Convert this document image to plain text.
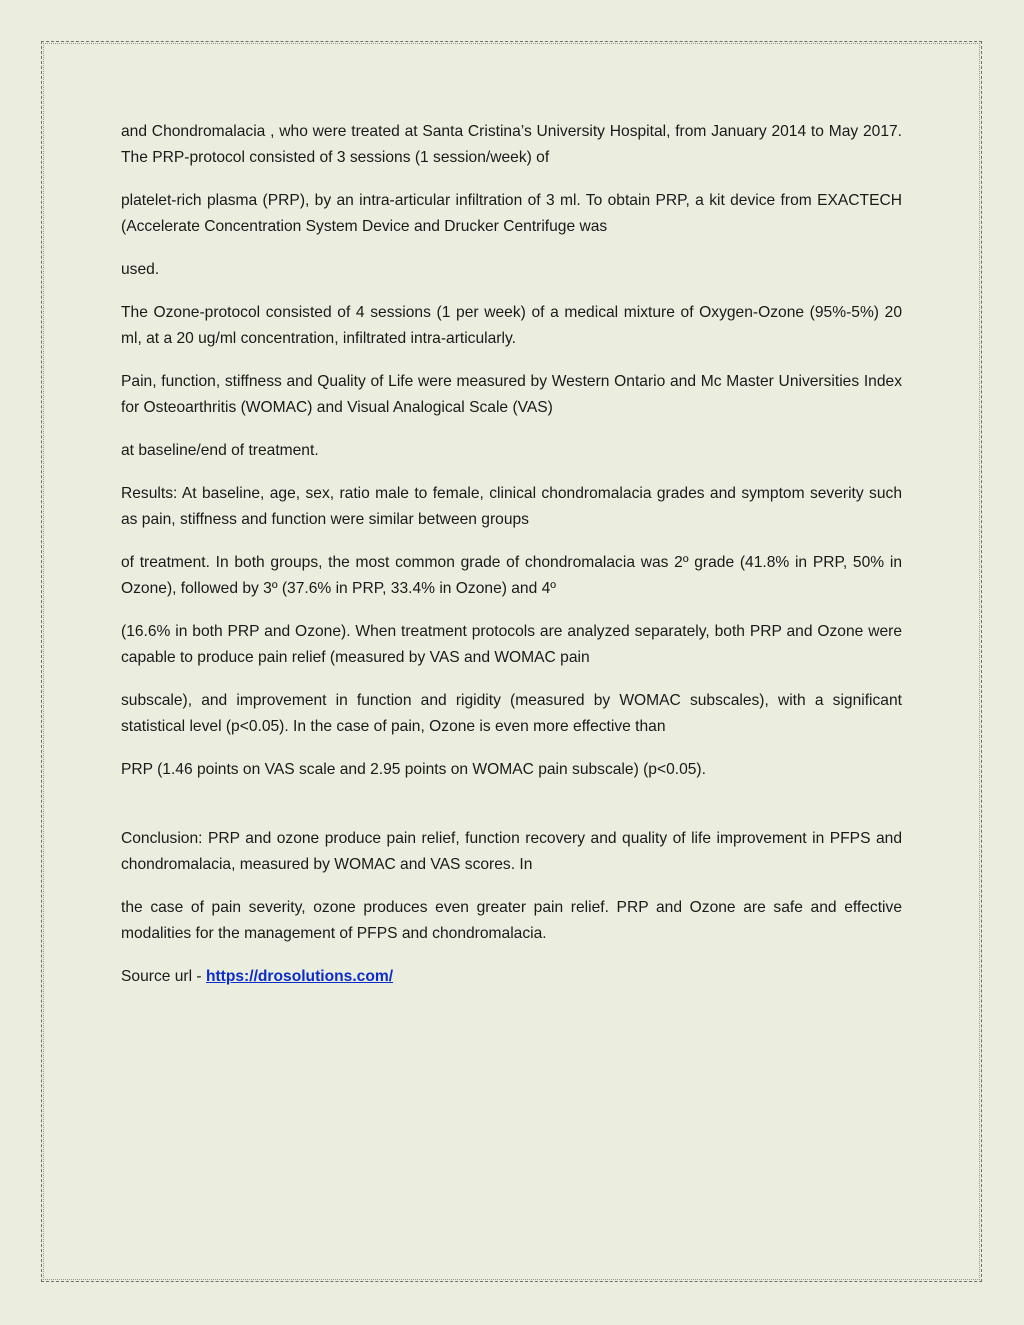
and Chondromalacia , who were treated at Santa Cristina’s University Hospital, from January 2014 to May 2017. The PRP-protocol consisted of 3 sessions (1 session/week) of

platelet-rich plasma (PRP), by an intra-articular infiltration of 3 ml. To obtain PRP, a kit device from EXACTECH (Accelerate Concentration System Device and Drucker Centrifuge was

used.

The Ozone-protocol consisted of 4 sessions (1 per week) of a medical mixture of Oxygen-Ozone (95%-5%) 20 ml, at a 20 ug/ml concentration, infiltrated intra-articularly.

Pain, function, stiffness and Quality of Life were measured by Western Ontario and Mc Master Universities Index for Osteoarthritis (WOMAC) and Visual Analogical Scale (VAS)

at baseline/end of treatment.

Results: At baseline, age, sex, ratio male to female, clinical chondromalacia grades and symptom severity such as pain, stiffness and function were similar between groups

of treatment. In both groups, the most common grade of chondromalacia was 2º grade (41.8% in PRP, 50% in Ozone), followed by 3º (37.6% in PRP, 33.4% in Ozone) and 4º

(16.6% in both PRP and Ozone). When treatment protocols are analyzed separately, both PRP and Ozone were capable to produce pain relief (measured by VAS and WOMAC pain

subscale), and improvement in function and rigidity (measured by WOMAC subscales), with a significant statistical level (p<0.05). In the case of pain, Ozone is even more effective than

PRP (1.46 points on VAS scale and 2.95 points on WOMAC pain subscale) (p<0.05).

Conclusion: PRP and ozone produce pain relief, function recovery and quality of life improvement in PFPS and chondromalacia, measured by WOMAC and VAS scores. In

the case of pain severity, ozone produces even greater pain relief. PRP and Ozone are safe and effective modalities for the management of PFPS and chondromalacia.

Source url - https://drosolutions.com/
